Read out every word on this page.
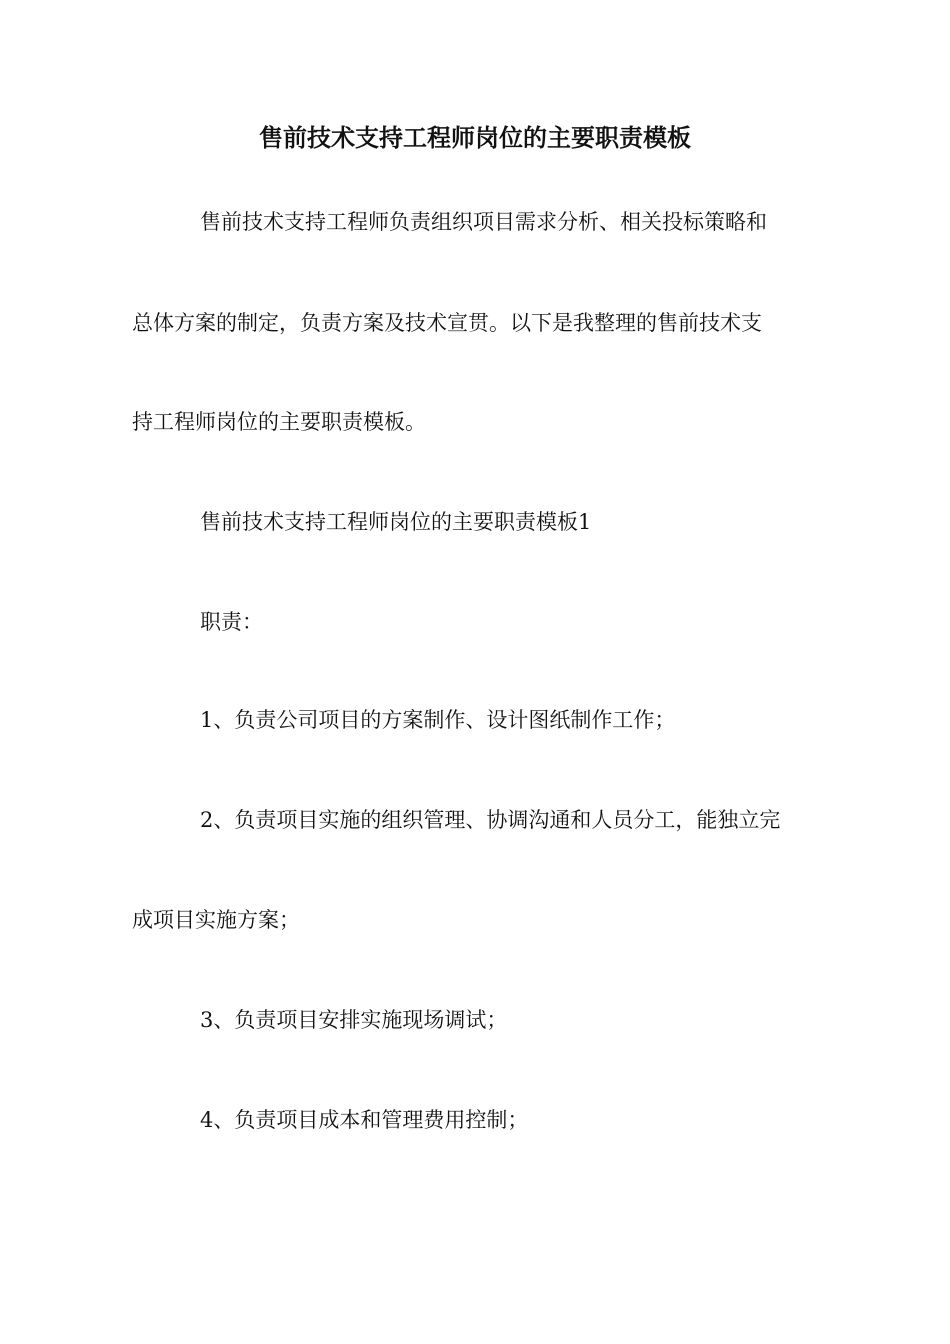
售前技术支持工程师岗位的主要职责模板

售前技术支持工程师负责组织项目需求分析、相关投标策略和

总体方案的制定，负责方案及技术宣贯。以下是我整理的售前技术支

持工程师岗位的主要职责模板。

售前技术支持工程师岗位的主要职责模板1

职责：

1、负责公司项目的方案制作、设计图纸制作工作；

2、负责项目实施的组织管理、协调沟通和人员分工，能独立完

成项目实施方案；

3、负责项目安排实施现场调试；

4、负责项目成本和管理费用控制；
